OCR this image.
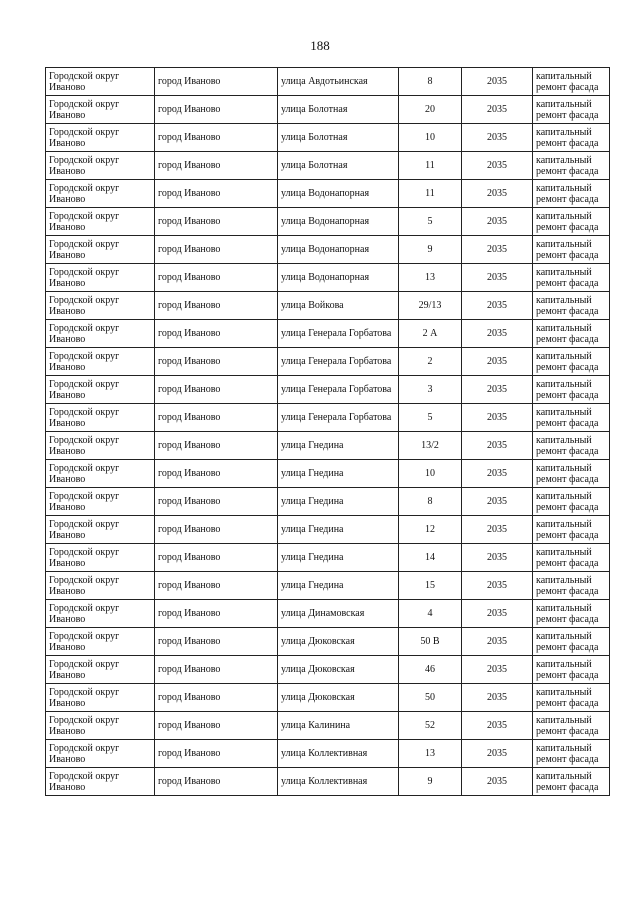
188
Городской округ Иваново	город Иваново	улица Авдотьинская	8	2035	капитальный ремонт фасада
Городской округ Иваново	город Иваново	улица Болотная	20	2035	капитальный ремонт фасада
Городской округ Иваново	город Иваново	улица Болотная	10	2035	капитальный ремонт фасада
Городской округ Иваново	город Иваново	улица Болотная	11	2035	капитальный ремонт фасада
Городской округ Иваново	город Иваново	улица Водонапорная	11	2035	капитальный ремонт фасада
Городской округ Иваново	город Иваново	улица Водонапорная	5	2035	капитальный ремонт фасада
Городской округ Иваново	город Иваново	улица Водонапорная	9	2035	капитальный ремонт фасада
Городской округ Иваново	город Иваново	улица Водонапорная	13	2035	капитальный ремонт фасада
Городской округ Иваново	город Иваново	улица Войкова	29/13	2035	капитальный ремонт фасада
Городской округ Иваново	город Иваново	улица Генерала Горбатова	2 А	2035	капитальный ремонт фасада
Городской округ Иваново	город Иваново	улица Генерала Горбатова	2	2035	капитальный ремонт фасада
Городской округ Иваново	город Иваново	улица Генерала Горбатова	3	2035	капитальный ремонт фасада
Городской округ Иваново	город Иваново	улица Генерала Горбатова	5	2035	капитальный ремонт фасада
Городской округ Иваново	город Иваново	улица Гнедина	13/2	2035	капитальный ремонт фасада
Городской округ Иваново	город Иваново	улица Гнедина	10	2035	капитальный ремонт фасада
Городской округ Иваново	город Иваново	улица Гнедина	8	2035	капитальный ремонт фасада
Городской округ Иваново	город Иваново	улица Гнедина	12	2035	капитальный ремонт фасада
Городской округ Иваново	город Иваново	улица Гнедина	14	2035	капитальный ремонт фасада
Городской округ Иваново	город Иваново	улица Гнедина	15	2035	капитальный ремонт фасада
Городской округ Иваново	город Иваново	улица Динамовская	4	2035	капитальный ремонт фасада
Городской округ Иваново	город Иваново	улица Дюковская	50 В	2035	капитальный ремонт фасада
Городской округ Иваново	город Иваново	улица Дюковская	46	2035	капитальный ремонт фасада
Городской округ Иваново	город Иваново	улица Дюковская	50	2035	капитальный ремонт фасада
Городской округ Иваново	город Иваново	улица Калинина	52	2035	капитальный ремонт фасада
Городской округ Иваново	город Иваново	улица Коллективная	13	2035	капитальный ремонт фасада
Городской округ Иваново	город Иваново	улица Коллективная	9	2035	капитальный ремонт фасада
